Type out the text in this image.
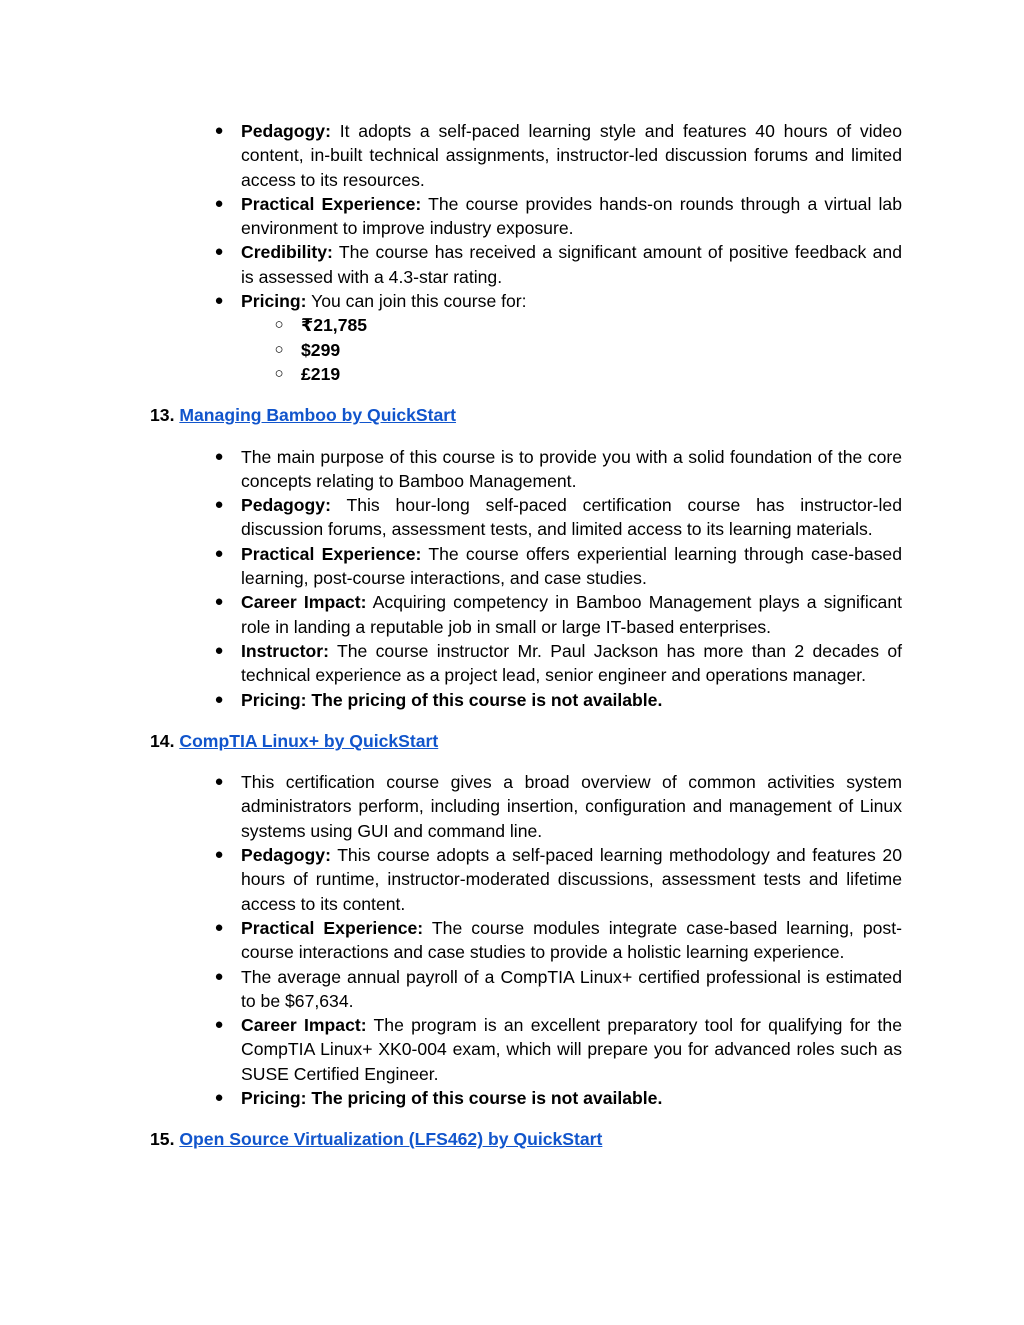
● Pedagogy: It adopts a self-paced learning style and features 40 hours of video content, in-built technical assignments, instructor-led discussion forums and limited access to its resources.
● Practical Experience: The course provides hands-on rounds through a virtual lab environment to improve industry exposure.
● Credibility: The course has received a significant amount of positive feedback and is assessed with a 4.3-star rating.
● Pricing: You can join this course for:
○ ₹21,785
○ $299
○ £219
13. Managing Bamboo by QuickStart
● The main purpose of this course is to provide you with a solid foundation of the core concepts relating to Bamboo Management.
● Pedagogy: This hour-long self-paced certification course has instructor-led discussion forums, assessment tests, and limited access to its learning materials.
● Practical Experience: The course offers experiential learning through case-based learning, post-course interactions, and case studies.
● Career Impact: Acquiring competency in Bamboo Management plays a significant role in landing a reputable job in small or large IT-based enterprises.
● Instructor: The course instructor Mr. Paul Jackson has more than 2 decades of technical experience as a project lead, senior engineer and operations manager.
● Pricing: The pricing of this course is not available.
14. CompTIA Linux+ by QuickStart
● This certification course gives a broad overview of common activities system administrators perform, including insertion, configuration and management of Linux systems using GUI and command line.
● Pedagogy: This course adopts a self-paced learning methodology and features 20 hours of runtime, instructor-moderated discussions, assessment tests and lifetime access to its content.
● Practical Experience: The course modules integrate case-based learning, post-course interactions and case studies to provide a holistic learning experience.
● The average annual payroll of a CompTIA Linux+ certified professional is estimated to be $67,634.
● Career Impact: The program is an excellent preparatory tool for qualifying for the CompTIA Linux+ XK0-004 exam, which will prepare you for advanced roles such as SUSE Certified Engineer.
● Pricing: The pricing of this course is not available.
15. Open Source Virtualization (LFS462) by QuickStart
